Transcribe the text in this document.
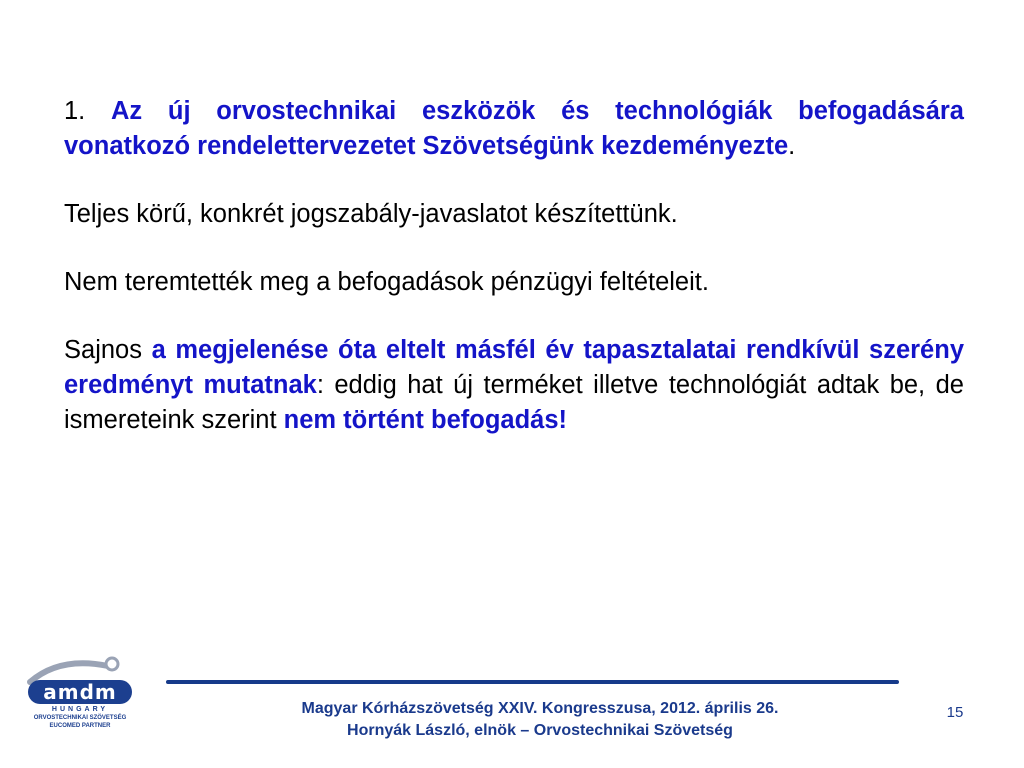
1. Az új orvostechnikai eszközök és technológiák befogadására vonatkozó rendelettervezetet Szövetségünk kezdeményezte.

Teljes körű, konkrét jogszabály-javaslatot készítettünk.

Nem teremtették meg a befogadások pénzügyi feltételeit.

Sajnos a megjelenése óta eltelt másfél év tapasztalatai rendkívül szerény eredményt mutatnak: eddig hat új terméket illetve technológiát adtak be, de ismereteink szerint nem történt befogadás!

amdm
HUNGARY
ORVOSTECHNIKAI SZÖVETSÉG
EUCOMED PARTNER
Magyar Kórházszövetség XXIV. Kongresszusa, 2012. április 26.
Hornyák László, elnök – Orvostechnikai Szövetség
15
